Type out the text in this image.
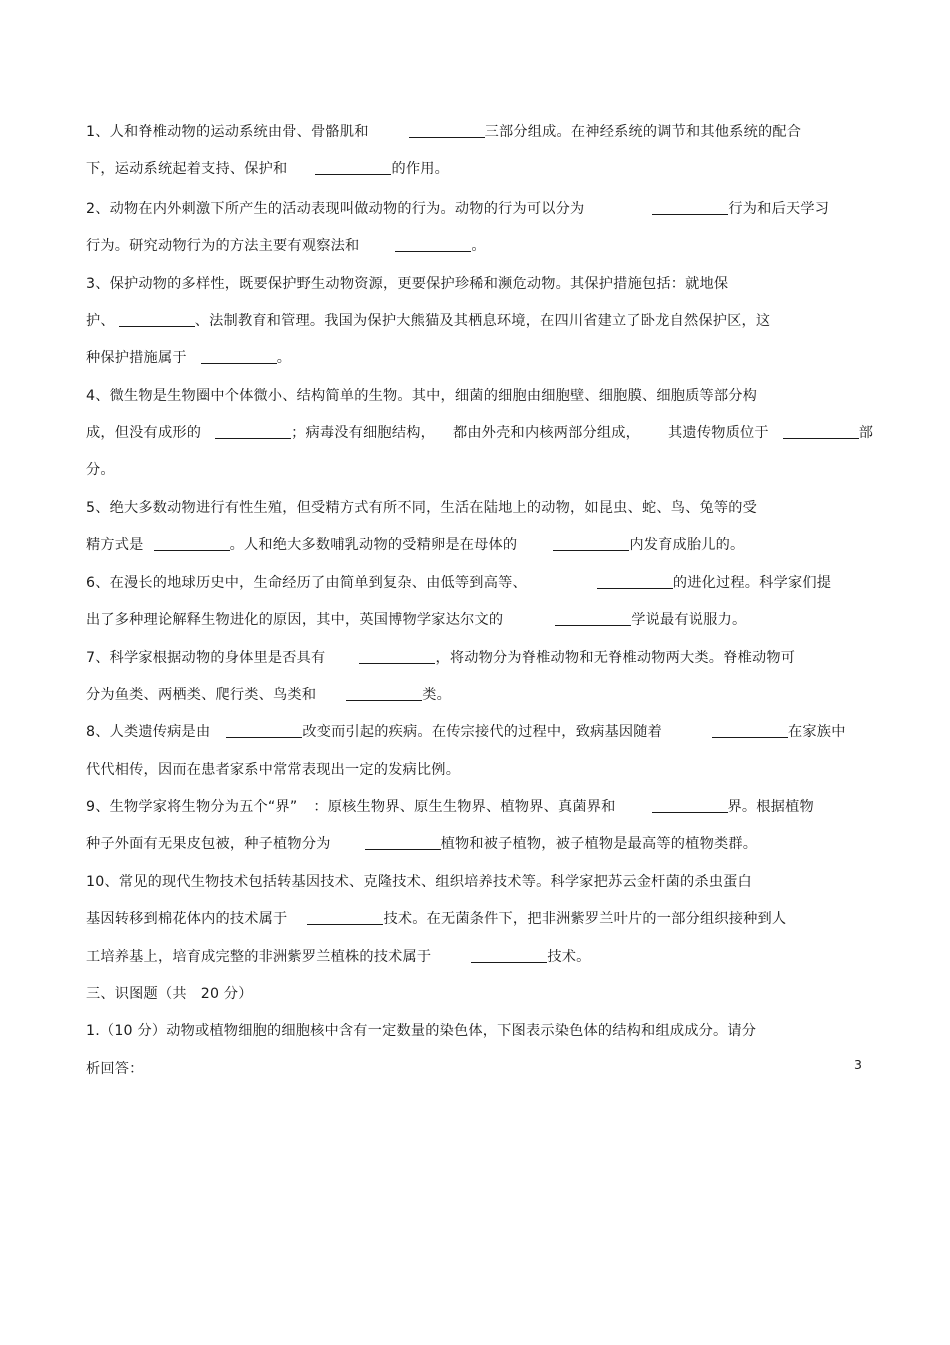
1、人和脊椎动物的运动系统由骨、骨骼肌和	三部分组成。在神经系统的调节和其他系统的配合
下，运动系统起着支持、保护和	的作用。
2、动物在内外刺激下所产生的活动表现叫做动物的行为。动物的行为可以分为	行为和后天学习
行为。研究动物行为的方法主要有观察法和	。
3、保护动物的多样性，既要保护野生动物资源，更要保护珍稀和濒危动物。其保护措施包括：就地保
护、	、法制教育和管理。我国为保护大熊猫及其栖息环境，在四川省建立了卧龙自然保护区，这
种保护措施属于	。
4、微生物是生物圈中个体微小、结构简单的生物。其中，细菌的细胞由细胞壁、细胞膜、细胞质等部分构
成，但没有成形的	；病毒没有细胞结构， 都由外壳和内核两部分组成， 其遗传物质位于	部
分。
5、绝大多数动物进行有性生殖，但受精方式有所不同，生活在陆地上的动物，如昆虫、蛇、鸟、兔等的受
精方式是	。人和绝大多数哺乳动物的受精卵是在母体的	内发育成胎儿的。
6、在漫长的地球历史中，生命经历了由简单到复杂、由低等到高等、	的进化过程。科学家们提
出了多种理论解释生物进化的原因，其中，英国博物学家达尔文的	学说最有说服力。
7、科学家根据动物的身体里是否具有	，将动物分为脊椎动物和无脊椎动物两大类。脊椎动物可
分为鱼类、两栖类、爬行类、鸟类和	类。
8、人类遗传病是由	改变而引起的疾病。在传宗接代的过程中，致病基因随着	在家族中
代代相传，因而在患者家系中常常表现出一定的发病比例。
9、生物学家将生物分为五个“界” ：原核生物界、原生生物界、植物界、真菌界和	界。根据植物
种子外面有无果皮包被，种子植物分为	植物和被子植物，被子植物是最高等的植物类群。
10、常见的现代生物技术包括转基因技术、克隆技术、组织培养技术等。科学家把苏云金杆菌的杀虫蛋白
基因转移到棉花体内的技术属于	技术。在无菌条件下，把非洲紫罗兰叶片的一部分组织接种到人
工培养基上，培育成完整的非洲紫罗兰植株的技术属于	技术。
三、识图题（共 20 分）
1.（10 分）动物或植物细胞的细胞核中含有一定数量的染色体，下图表示染色体的结构和组成成分。请分
析回答：	3
